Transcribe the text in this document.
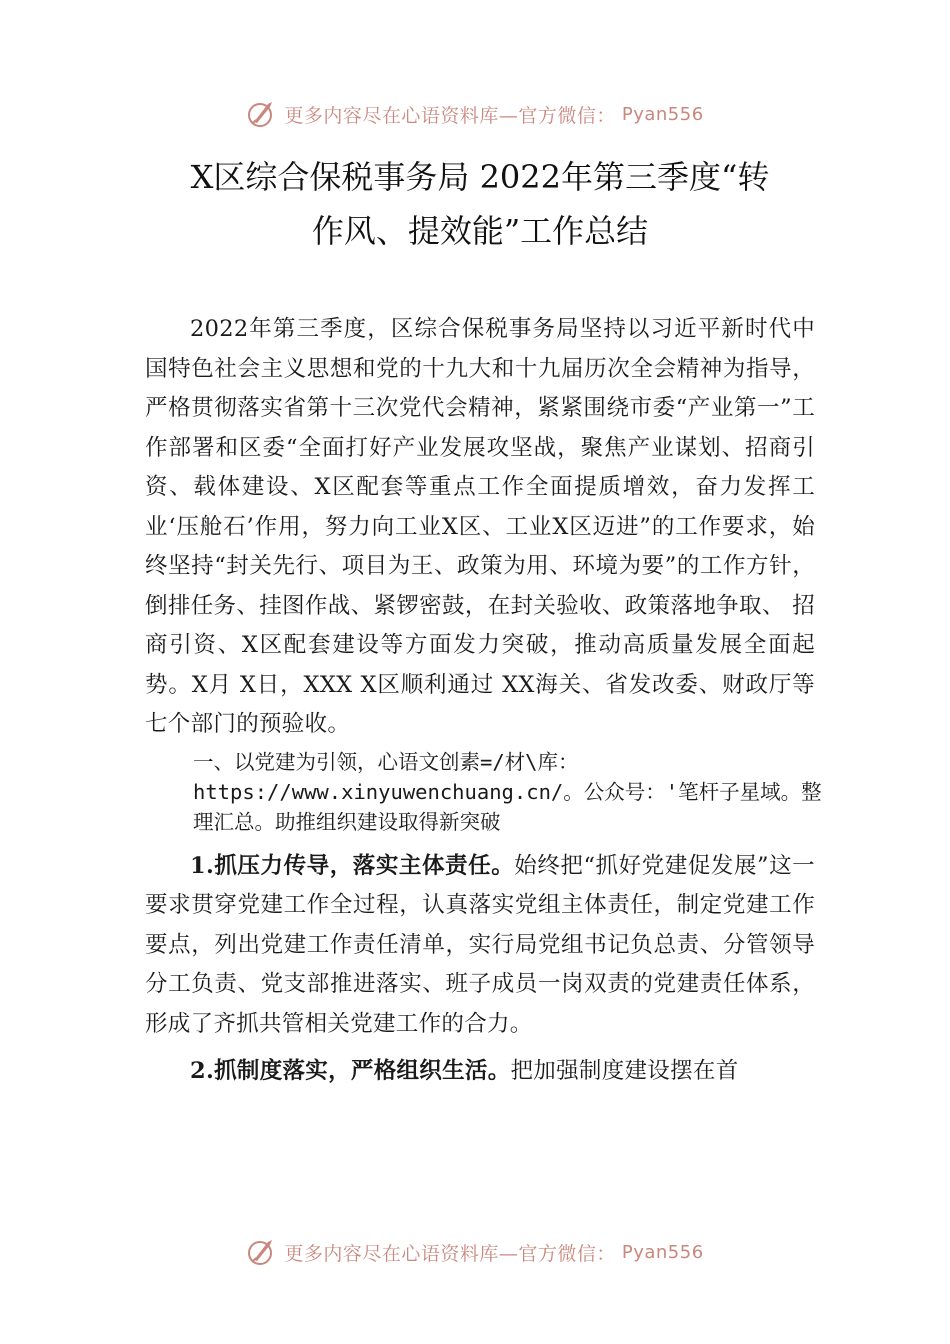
更多内容尽在心语资料库—官方微信： Pyan556
X区综合保税事务局 2022年第三季度“转
作风、提效能”工作总结

2022年第三季度，区综合保税事务局坚持以习近平新时代中国特色社会主义思想和党的十九大和十九届历次全会精神为指导，严格贯彻落实省第十三次党代会精神，紧紧围绕市委“产业第一”工作部署和区委“全面打好产业发展攻坚战，聚焦产业谋划、招商引资、载体建设、X区配套等重点工作全面提质增效，奋力发挥工业‘压舱石’作用，努力向工业X区、工业X区迈进”的工作要求，始终坚持“封关先行、项目为王、政策为用、环境为要”的工作方针，倒排任务、挂图作战、紧锣密鼓，在封关验收、政策落地争取、 招商引资、X区配套建设等方面发力突破，推动高质量发展全面起势。X月 X日，XXX X区顺利通过 XX海关、省发改委、财政厅等七个部门的预验收。

一、以党建为引领，心语文创素=/材\库：https://www.xinyuwenchuang.cn/。公众号：'笔杆子星域。整理汇总。助推组织建设取得新突破

1.抓压力传导，落实主体责任。始终把“抓好党建促发展”这一要求贯穿党建工作全过程，认真落实党组主体责任，制定党建工作要点，列出党建工作责任清单，实行局党组书记负总责、分管领导分工负责、党支部推进落实、班子成员一岗双责的党建责任体系，形成了齐抓共管相关党建工作的合力。

2.抓制度落实，严格组织生活。把加强制度建设摆在首

更多内容尽在心语资料库—官方微信： Pyan556
